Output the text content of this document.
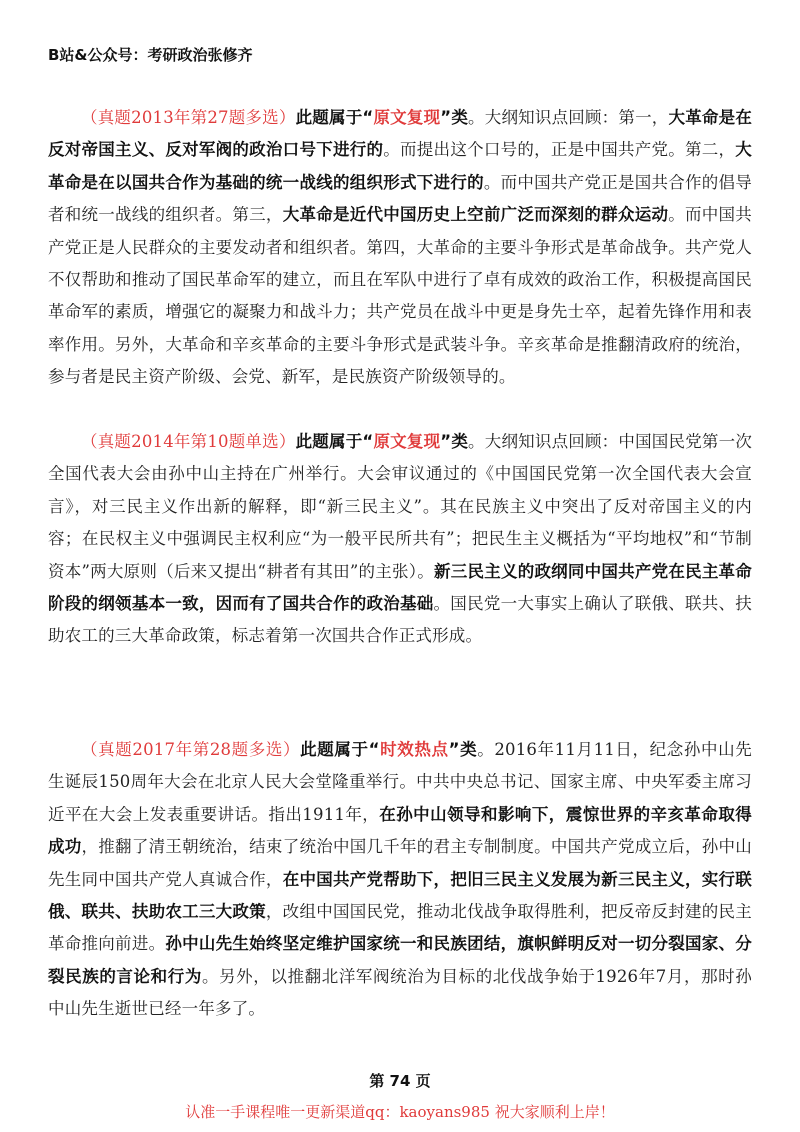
B站&公众号：考研政治张修齐
（真题2013年第27题多选）此题属于“原文复现”类。大纲知识点回顾：第一，大革命是在反对帝国主义、反对军阀的政治口号下进行的。而提出这个口号的，正是中国共产党。第二，大革命是在以国共合作为基础的统一战线的组织形式下进行的。而中国共产党正是国共合作的倡导者和统一战线的组织者。第三，大革命是近代中国历史上空前广泛而深刻的群众运动。而中国共产党正是人民群众的主要发动者和组织者。第四，大革命的主要斗争形式是革命战争。共产党人不仅帮助和推动了国民革命军的建立，而且在军队中进行了卓有成效的政治工作，积极提高国民革命军的素质，增强它的凝聚力和战斗力；共产党员在战斗中更是身先士卒，起着先锋作用和表率作用。另外，大革命和辛亥革命的主要斗争形式是武装斗争。辛亥革命是推翻清政府的统治，参与者是民主资产阶级、会党、新军，是民族资产阶级领导的。
（真题2014年第10题单选）此题属于“原文复现”类。大纲知识点回顾：中国国民党第一次全国代表大会由孙中山主持在广州举行。大会审议通过的《中国国民党第一次全国代表大会宣言》，对三民主义作出新的解释，即“新三民主义”。其在民族主义中突出了反对帝国主义的内容；在民权主义中强调民主权利应“为一般平民所共有”；把民生主义概括为“平均地权”和“节制资本”两大原则（后来又提出“耕者有其田”的主张）。新三民主义的政纲同中国共产党在民主革命阶段的纲领基本一致，因而有了国共合作的政治基础。国民党一大事实上确认了联俄、联共、扶助农工的三大革命政策，标志着第一次国共合作正式形成。
（真题2017年第28题多选）此题属于“时效热点”类。2016年11月11日，纪念孙中山先生诞辰150周年大会在北京人民大会堂隆重举行。中共中央总书记、国家主席、中央军委主席习近平在大会上发表重要讲话。指出1911年，在孙中山领导和影响下，震惊世界的辛亥革命取得成功，推翻了清王朝统治，结束了统治中国几千年的君主专制制度。中国共产党成立后，孙中山先生同中国共产党人真诚合作，在中国共产党帮助下，把旧三民主义发展为新三民主义，实行联俄、联共、扶助农工三大政策，改组中国国民党，推动北伐战争取得胜利，把反帝反封建的民主革命推向前进。孙中山先生始终坚定维护国家统一和民族团结，旗帜鲜明反对一切分裂国家、分裂民族的言论和行为。另外，以推翻北洋军阀统治为目标的北伐战争始于1926年7月，那时孙中山先生逝世已经一年多了。
第 74 页
认准一手课程唯一更新渠道qq：kaoyans985 祝大家顺利上岸！
